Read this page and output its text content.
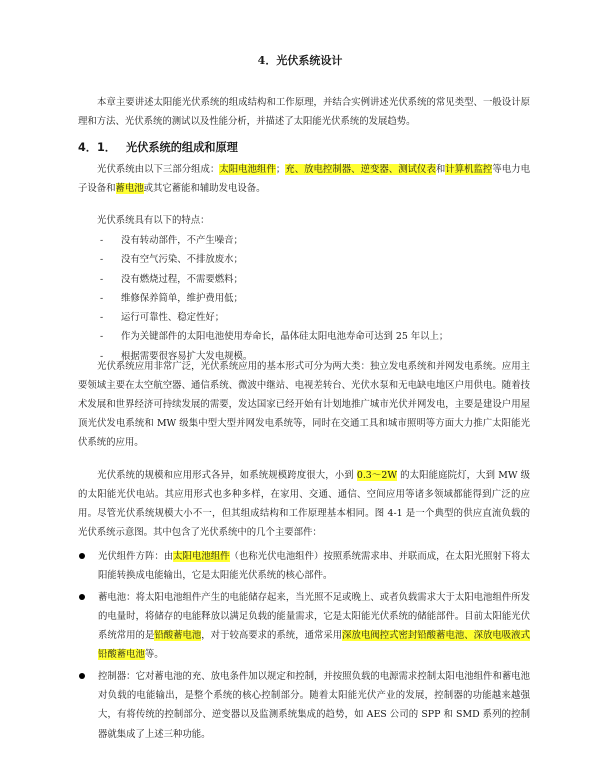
4．光伏系统设计

本章主要讲述太阳能光伏系统的组成结构和工作原理，并结合实例讲述光伏系统的常见类型、一般设计原理和方法、光伏系统的测试以及性能分析，并描述了太阳能光伏系统的发展趋势。

4．1． 光伏系统的组成和原理

光伏系统由以下三部分组成：太阳电池组件；充、放电控制器、逆变器、测试仪表和计算机监控等电力电子设备和蓄电池或其它蓄能和辅助发电设备。

光伏系统具有以下的特点：

- 没有转动部件，不产生噪音；
- 没有空气污染、不排放废水；
- 没有燃烧过程，不需要燃料；
- 维修保养简单，维护费用低；
- 运行可靠性、稳定性好；
- 作为关键部件的太阳电池使用寿命长，晶体硅太阳电池寿命可达到 25 年以上；
- 根据需要很容易扩大发电规模。

光伏系统应用非常广泛，光伏系统应用的基本形式可分为两大类：独立发电系统和并网发电系统。应用主要领域主要在太空航空器、通信系统、微波中继站、电视差转台、光伏水泵和无电缺电地区户用供电。随着技术发展和世界经济可持续发展的需要，发达国家已经开始有计划地推广城市光伏并网发电，主要是建设户用屋顶光伏发电系统和 MW 级集中型大型并网发电系统等，同时在交通工具和城市照明等方面大力推广太阳能光伏系统的应用。

光伏系统的规模和应用形式各异，如系统规模跨度很大，小到 0.3～2W 的太阳能庭院灯，大到 MW 级的太阳能光伏电站。其应用形式也多种多样，在家用、交通、通信、空间应用等诸多领域都能得到广泛的应用。尽管光伏系统规模大小不一，但其组成结构和工作原理基本相同。图 4-1 是一个典型的供应直流负载的光伏系统示意图。其中包含了光伏系统中的几个主要部件：

光伏组件方阵：由太阳电池组件（也称光伏电池组件）按照系统需求串、并联而成，在太阳光照射下将太阳能转换成电能输出，它是太阳能光伏系统的核心部件。
蓄电池：将太阳电池组件产生的电能储存起来，当光照不足或晚上、或者负载需求大于太阳电池组件所发的电量时，将储存的电能释放以满足负载的能量需求，它是太阳能光伏系统的储能部件。目前太阳能光伏系统常用的是铅酸蓄电池，对于较高要求的系统，通常采用深放电阀控式密封铅酸蓄电池、深放电吸液式铅酸蓄电池等。
控制器：它对蓄电池的充、放电条件加以规定和控制，并按照负载的电源需求控制太阳电池组件和蓄电池对负载的电能输出，是整个系统的核心控制部分。随着太阳能光伏产业的发展，控制器的功能越来越强大，有将传统的控制部分、逆变器以及监测系统集成的趋势，如 AES 公司的 SPP 和 SMD 系列的控制器就集成了上述三种功能。
